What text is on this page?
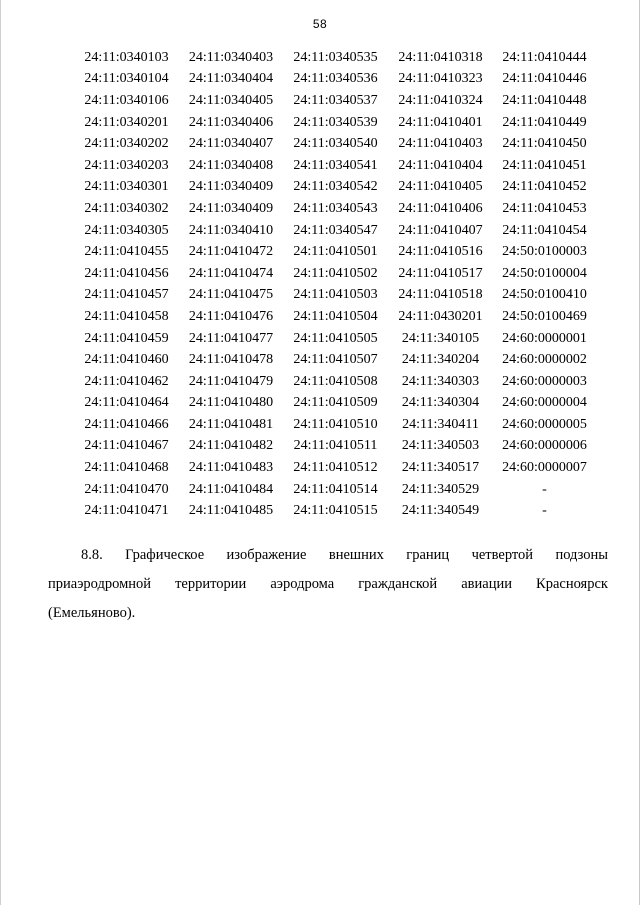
58
24:11:0340103	24:11:0340403	24:11:0340535	24:11:0410318	24:11:0410444
24:11:0340104	24:11:0340404	24:11:0340536	24:11:0410323	24:11:0410446
24:11:0340106	24:11:0340405	24:11:0340537	24:11:0410324	24:11:0410448
24:11:0340201	24:11:0340406	24:11:0340539	24:11:0410401	24:11:0410449
24:11:0340202	24:11:0340407	24:11:0340540	24:11:0410403	24:11:0410450
24:11:0340203	24:11:0340408	24:11:0340541	24:11:0410404	24:11:0410451
24:11:0340301	24:11:0340409	24:11:0340542	24:11:0410405	24:11:0410452
24:11:0340302	24:11:0340409	24:11:0340543	24:11:0410406	24:11:0410453
24:11:0340305	24:11:0340410	24:11:0340547	24:11:0410407	24:11:0410454
24:11:0410455	24:11:0410472	24:11:0410501	24:11:0410516	24:50:0100003
24:11:0410456	24:11:0410474	24:11:0410502	24:11:0410517	24:50:0100004
24:11:0410457	24:11:0410475	24:11:0410503	24:11:0410518	24:50:0100410
24:11:0410458	24:11:0410476	24:11:0410504	24:11:0430201	24:50:0100469
24:11:0410459	24:11:0410477	24:11:0410505	24:11:340105	24:60:0000001
24:11:0410460	24:11:0410478	24:11:0410507	24:11:340204	24:60:0000002
24:11:0410462	24:11:0410479	24:11:0410508	24:11:340303	24:60:0000003
24:11:0410464	24:11:0410480	24:11:0410509	24:11:340304	24:60:0000004
24:11:0410466	24:11:0410481	24:11:0410510	24:11:340411	24:60:0000005
24:11:0410467	24:11:0410482	24:11:0410511	24:11:340503	24:60:0000006
24:11:0410468	24:11:0410483	24:11:0410512	24:11:340517	24:60:0000007
24:11:0410470	24:11:0410484	24:11:0410514	24:11:340529	-
24:11:0410471	24:11:0410485	24:11:0410515	24:11:340549	-
8.8. Графическое изображение внешних границ четвертой подзоны
приаэродромной территории аэродрома гражданской авиации Красноярск
(Емельяново).
